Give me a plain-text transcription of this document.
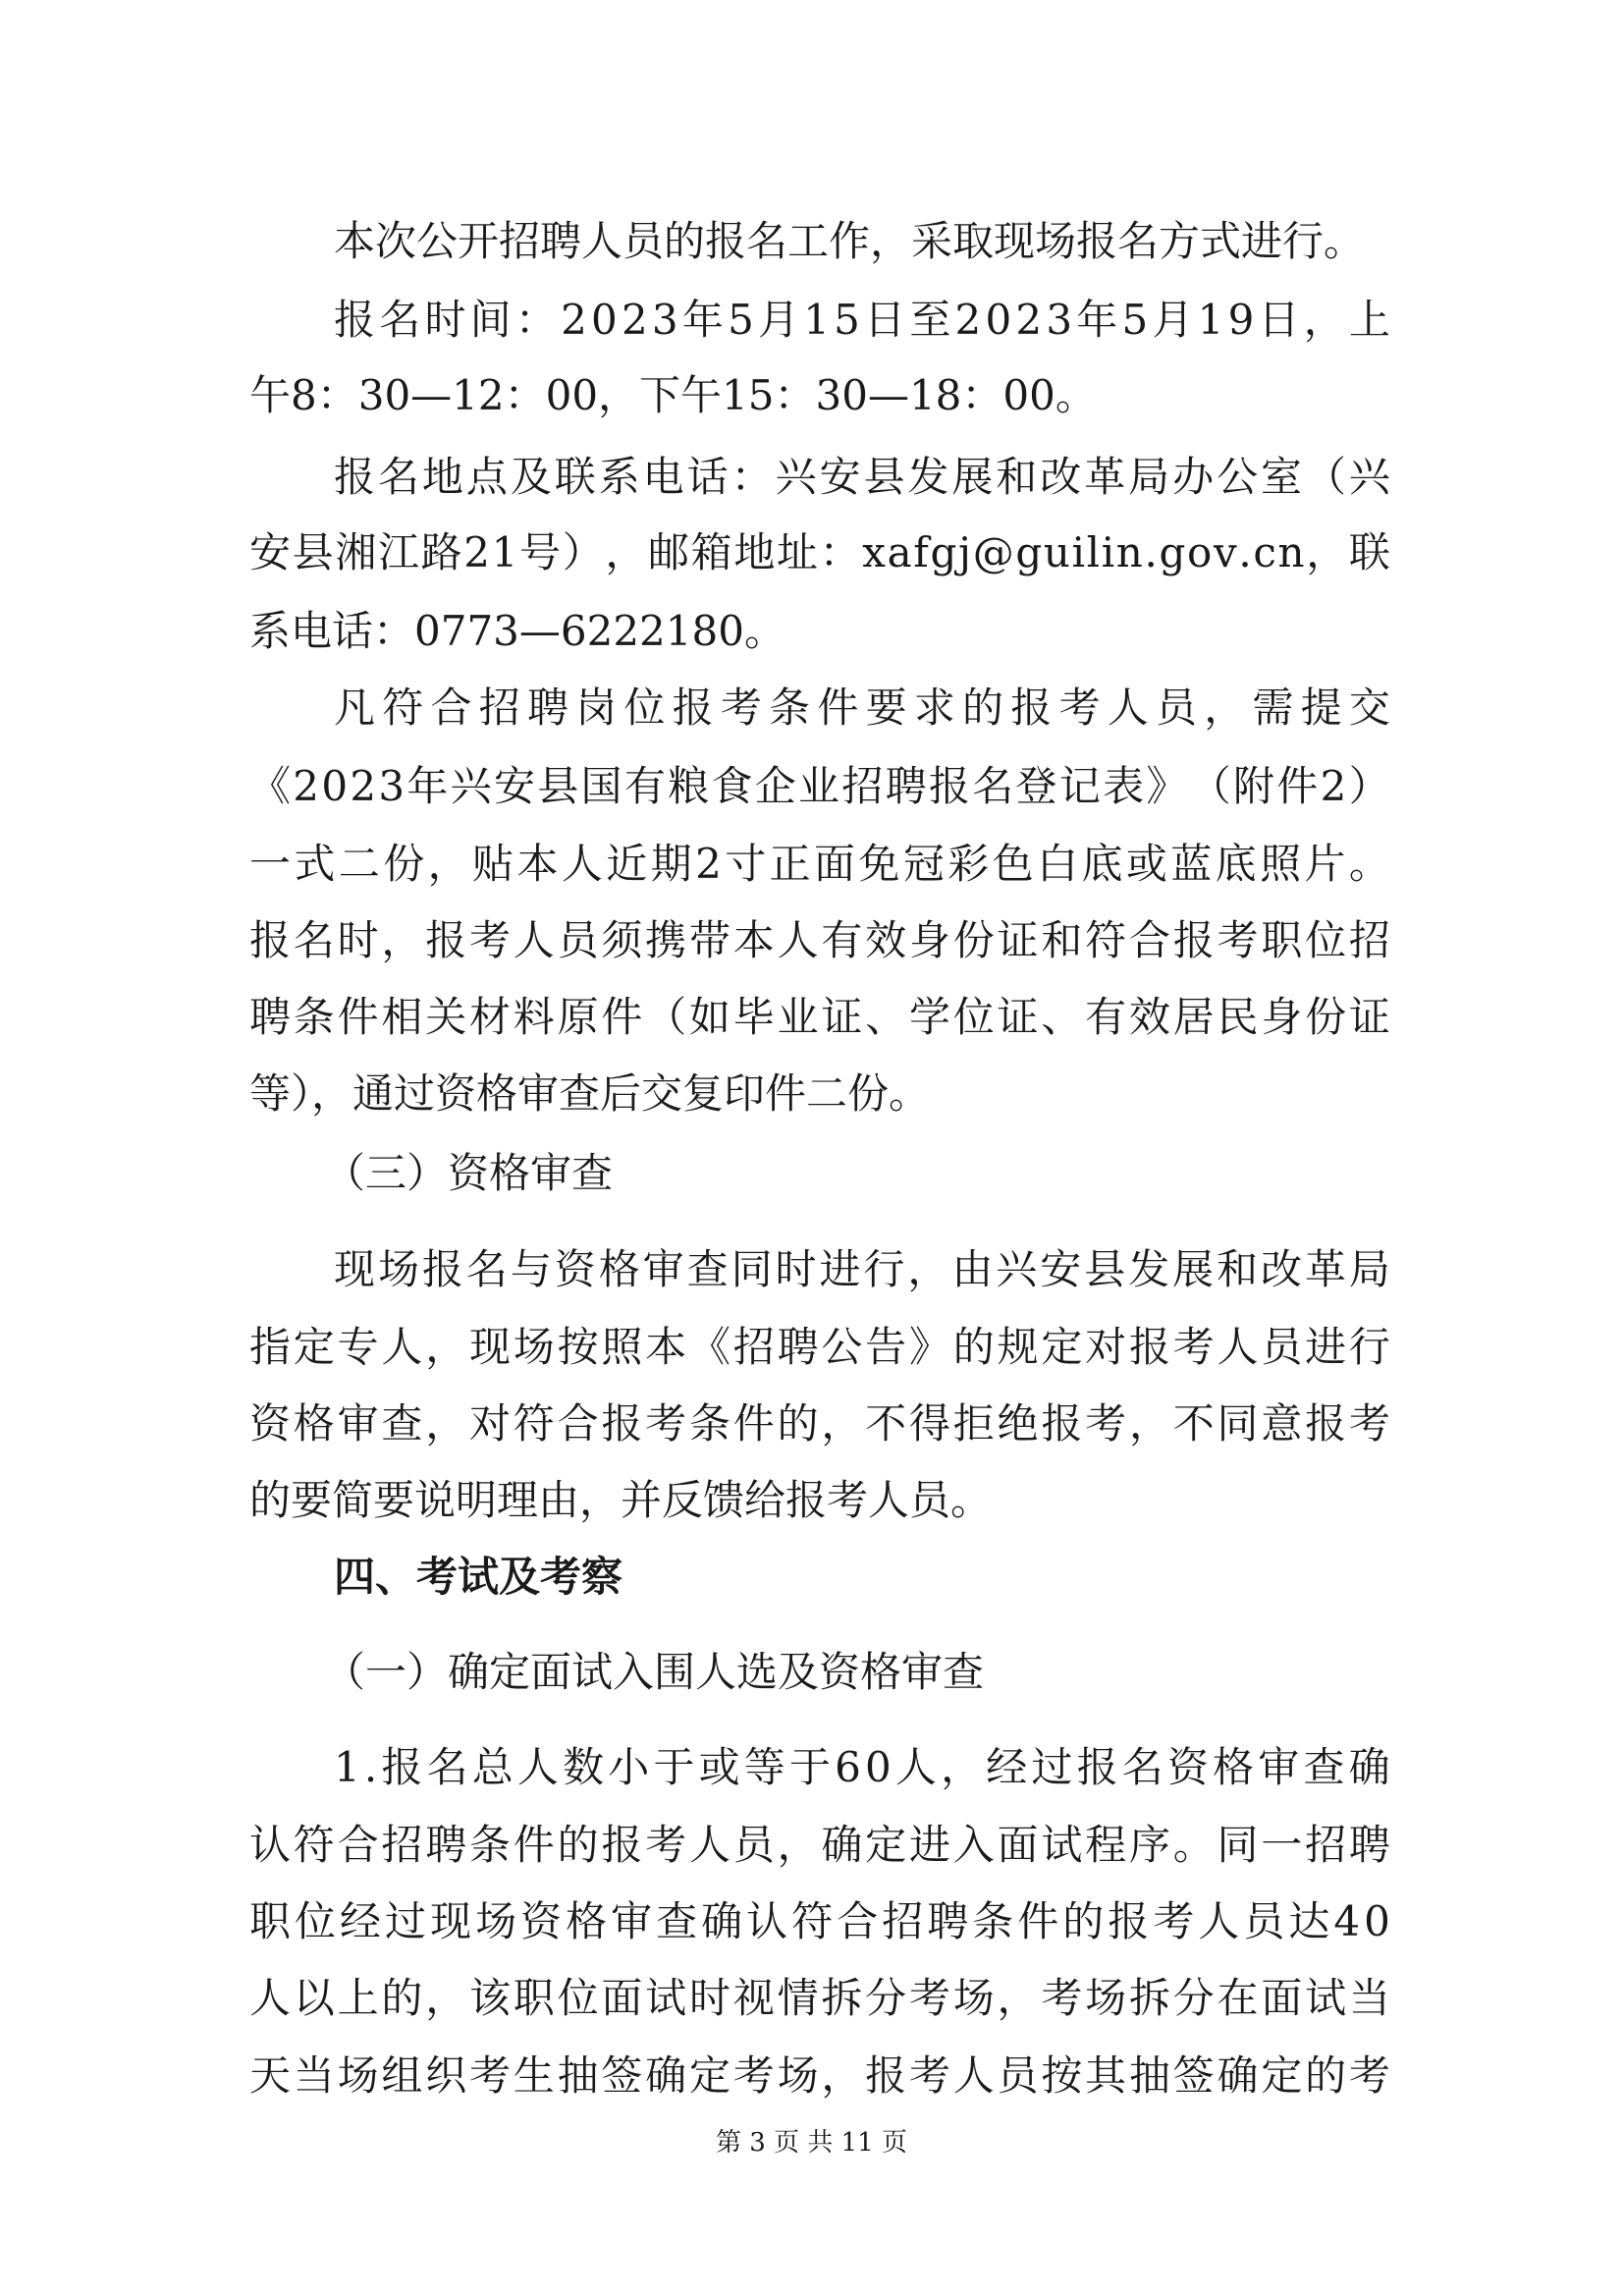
本次公开招聘人员的报名工作，采取现场报名方式进行。
报 名 时 间 ： 2 0 2 3 年 5 月 1 5 日 至 2 0 2 3 年 5 月 1 9 日 ， 上
午8：30—12：00，下午15：30—18：00。
报 名 地 点 及 联 系 电 话 ： 兴 安 县 发 展 和 改 革 局 办 公 室 （ 兴
安 县 湘 江 路 2 1 号 ） ， 邮 箱 地 址 ： x a f g j @ g u i l i n . g o v . c n ， 联
系电话：0773—6222180。
凡 符 合 招 聘 岗 位 报 考 条 件 要 求 的 报 考 人 员 ， 需 提 交
《 2 0 2 3 年 兴 安 县 国 有 粮 食 企 业 招 聘 报 名 登 记 表 》 （ 附 件 2 ）
一 式 二 份 ， 贴 本 人 近 期 2 寸 正 面 免 冠 彩 色 白 底 或 蓝 底 照 片 。
报 名 时 ， 报 考 人 员 须 携 带 本 人 有 效 身 份 证 和 符 合 报 考 职 位 招
聘 条 件 相 关 材 料 原 件 （ 如 毕 业 证 、 学 位 证 、 有 效 居 民 身 份 证
等），通过资格审查后交复印件二份。
（三）资格审查
现 场 报 名 与 资 格 审 查 同 时 进 行 ， 由 兴 安 县 发 展 和 改 革 局
指 定 专 人 ， 现 场 按 照 本 《 招 聘 公 告 》 的 规 定 对 报 考 人 员 进 行
资 格 审 查 ， 对 符 合 报 考 条 件 的 ， 不 得 拒 绝 报 考 ， 不 同 意 报 考
的要简要说明理由，并反馈给报考人员。
四、考试及考察
（一）确定面试入围人选及资格审查
1 . 报 名 总 人 数 小 于 或 等 于 6 0 人 ， 经 过 报 名 资 格 审 查 确
认 符 合 招 聘 条 件 的 报 考 人 员 ， 确 定 进 入 面 试 程 序 。 同 一 招 聘
职 位 经 过 现 场 资 格 审 查 确 认 符 合 招 聘 条 件 的 报 考 人 员 达 4 0
人 以 上 的 ， 该 职 位 面 试 时 视 情 拆 分 考 场 ， 考 场 拆 分 在 面 试 当
天 当 场 组 织 考 生 抽 签 确 定 考 场 ， 报 考 人 员 按 其 抽 签 确 定 的 考
第 3 页 共 11 页
